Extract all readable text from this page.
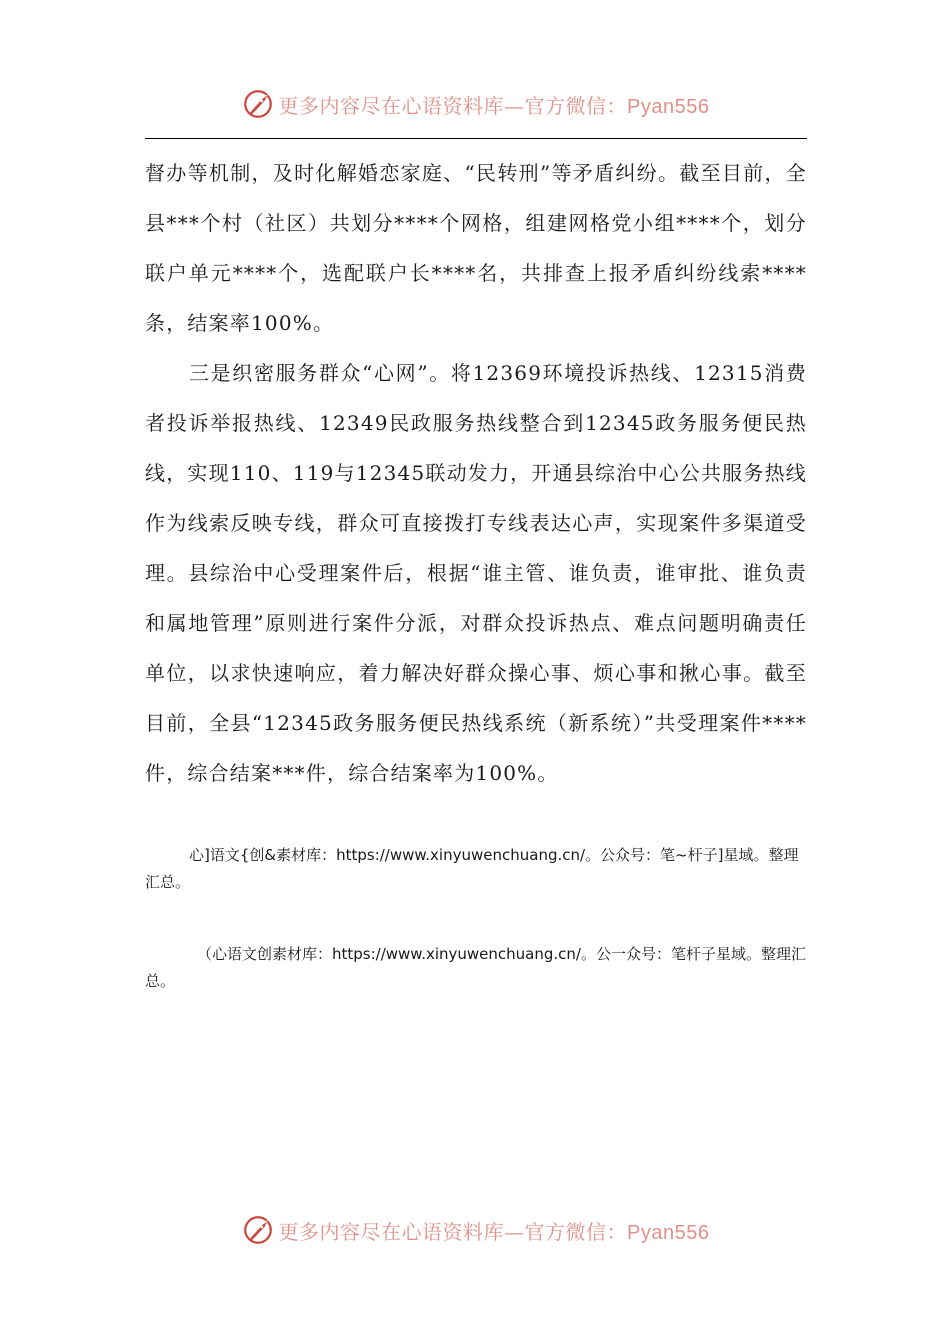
更多内容尽在心语资料库—官方微信：Pyan556

督办等机制，及时化解婚恋家庭、“民转刑”等矛盾纠纷。截至目前，全县***个村（社区）共划分****个网格，组建网格党小组****个，划分联户单元****个，选配联户长****名，共排查上报矛盾纠纷线索****条，结案率100%。

三是织密服务群众“心网”。将12369环境投诉热线、12315消费者投诉举报热线、12349民政服务热线整合到12345政务服务便民热线，实现110、119与12345联动发力，开通县综治中心公共服务热线作为线索反映专线，群众可直接拨打专线表达心声，实现案件多渠道受理。县综治中心受理案件后，根据“谁主管、谁负责，谁审批、谁负责和属地管理”原则进行案件分派，对群众投诉热点、难点问题明确责任单位，以求快速响应，着力解决好群众操心事、烦心事和揪心事。截至目前，全县“12345政务服务便民热线系统（新系统）”共受理案件****件，综合结案***件，综合结案率为100%。

心]语文{创&素材库：https://www.xinyuwenchuang.cn/。公众号：笔~杆子]星域。整理汇总。

（心语文创素材库：https://www.xinyuwenchuang.cn/。公一众号：笔杆子星域。整理汇总。

更多内容尽在心语资料库—官方微信：Pyan556
